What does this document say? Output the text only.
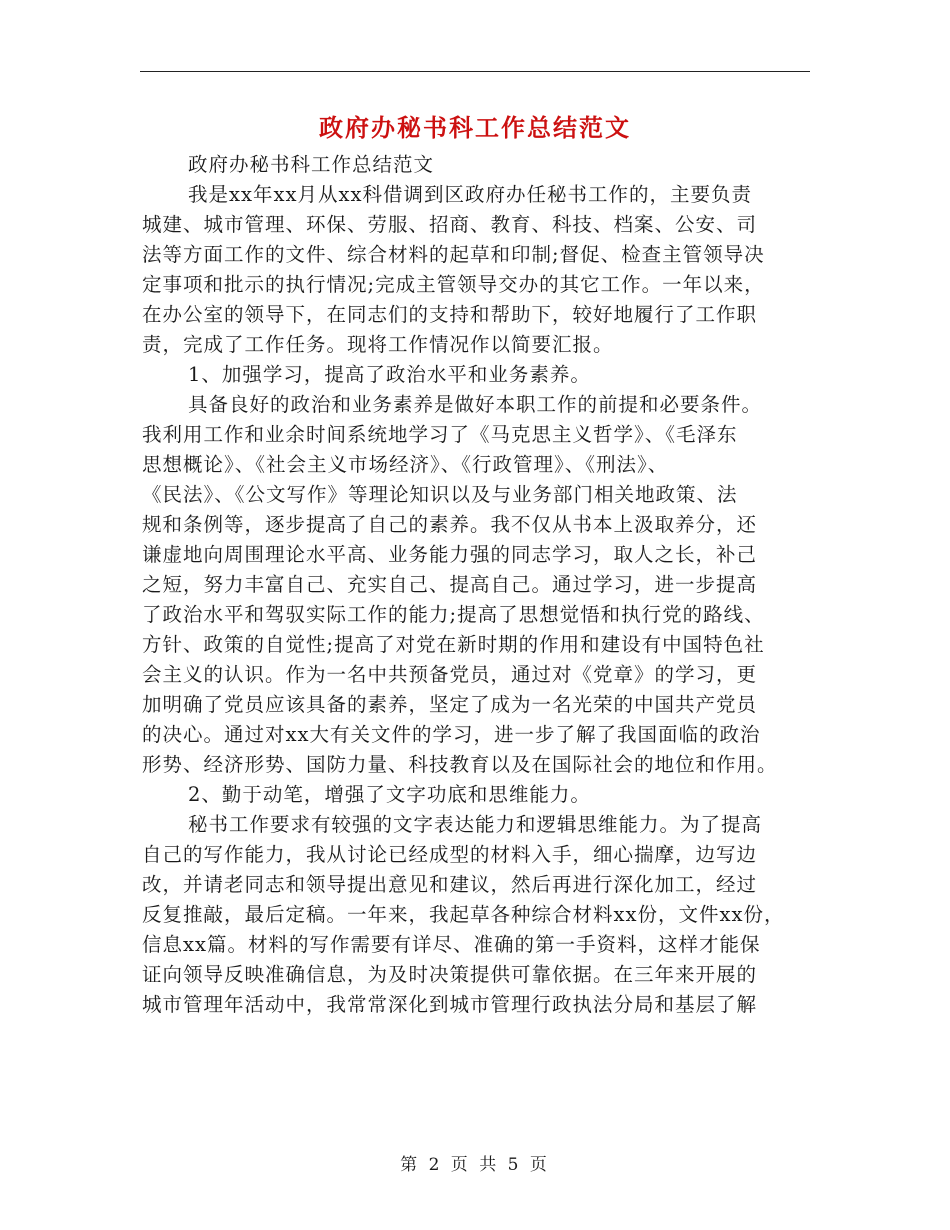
政府办秘书科工作总结范文
政府办秘书科工作总结范文
我是xx年xx月从xx科借调到区政府办任秘书工作的，主要负责
城建、城市管理、环保、劳服、招商、教育、科技、档案、公安、司
法等方面工作的文件、综合材料的起草和印制;督促、检查主管领导决
定事项和批示的执行情况;完成主管领导交办的其它工作。一年以来，
在办公室的领导下，在同志们的支持和帮助下，较好地履行了工作职
责，完成了工作任务。现将工作情况作以简要汇报。
1、加强学习，提高了政治水平和业务素养。
具备良好的政治和业务素养是做好本职工作的前提和必要条件。
我利用工作和业余时间系统地学习了《马克思主义哲学》、《毛泽东
思想概论》、《社会主义市场经济》、《行政管理》、《刑法》、
《民法》、《公文写作》等理论知识以及与业务部门相关地政策、法
规和条例等，逐步提高了自己的素养。我不仅从书本上汲取养分，还
谦虚地向周围理论水平高、业务能力强的同志学习，取人之长，补己
之短，努力丰富自己、充实自己、提高自己。通过学习，进一步提高
了政治水平和驾驭实际工作的能力;提高了思想觉悟和执行党的路线、
方针、政策的自觉性;提高了对党在新时期的作用和建设有中国特色社
会主义的认识。作为一名中共预备党员，通过对《党章》的学习，更
加明确了党员应该具备的素养，坚定了成为一名光荣的中国共产党员
的决心。通过对xx大有关文件的学习，进一步了解了我国面临的政治
形势、经济形势、国防力量、科技教育以及在国际社会的地位和作用。
2、勤于动笔，增强了文字功底和思维能力。
秘书工作要求有较强的文字表达能力和逻辑思维能力。为了提高
自己的写作能力，我从讨论已经成型的材料入手，细心揣摩，边写边
改，并请老同志和领导提出意见和建议，然后再进行深化加工，经过
反复推敲，最后定稿。一年来，我起草各种综合材料xx份，文件xx份，
信息xx篇。材料的写作需要有详尽、准确的第一手资料，这样才能保
证向领导反映准确信息，为及时决策提供可靠依据。在三年来开展的
城市管理年活动中，我常常深化到城市管理行政执法分局和基层了解
第 2 页 共 5 页
